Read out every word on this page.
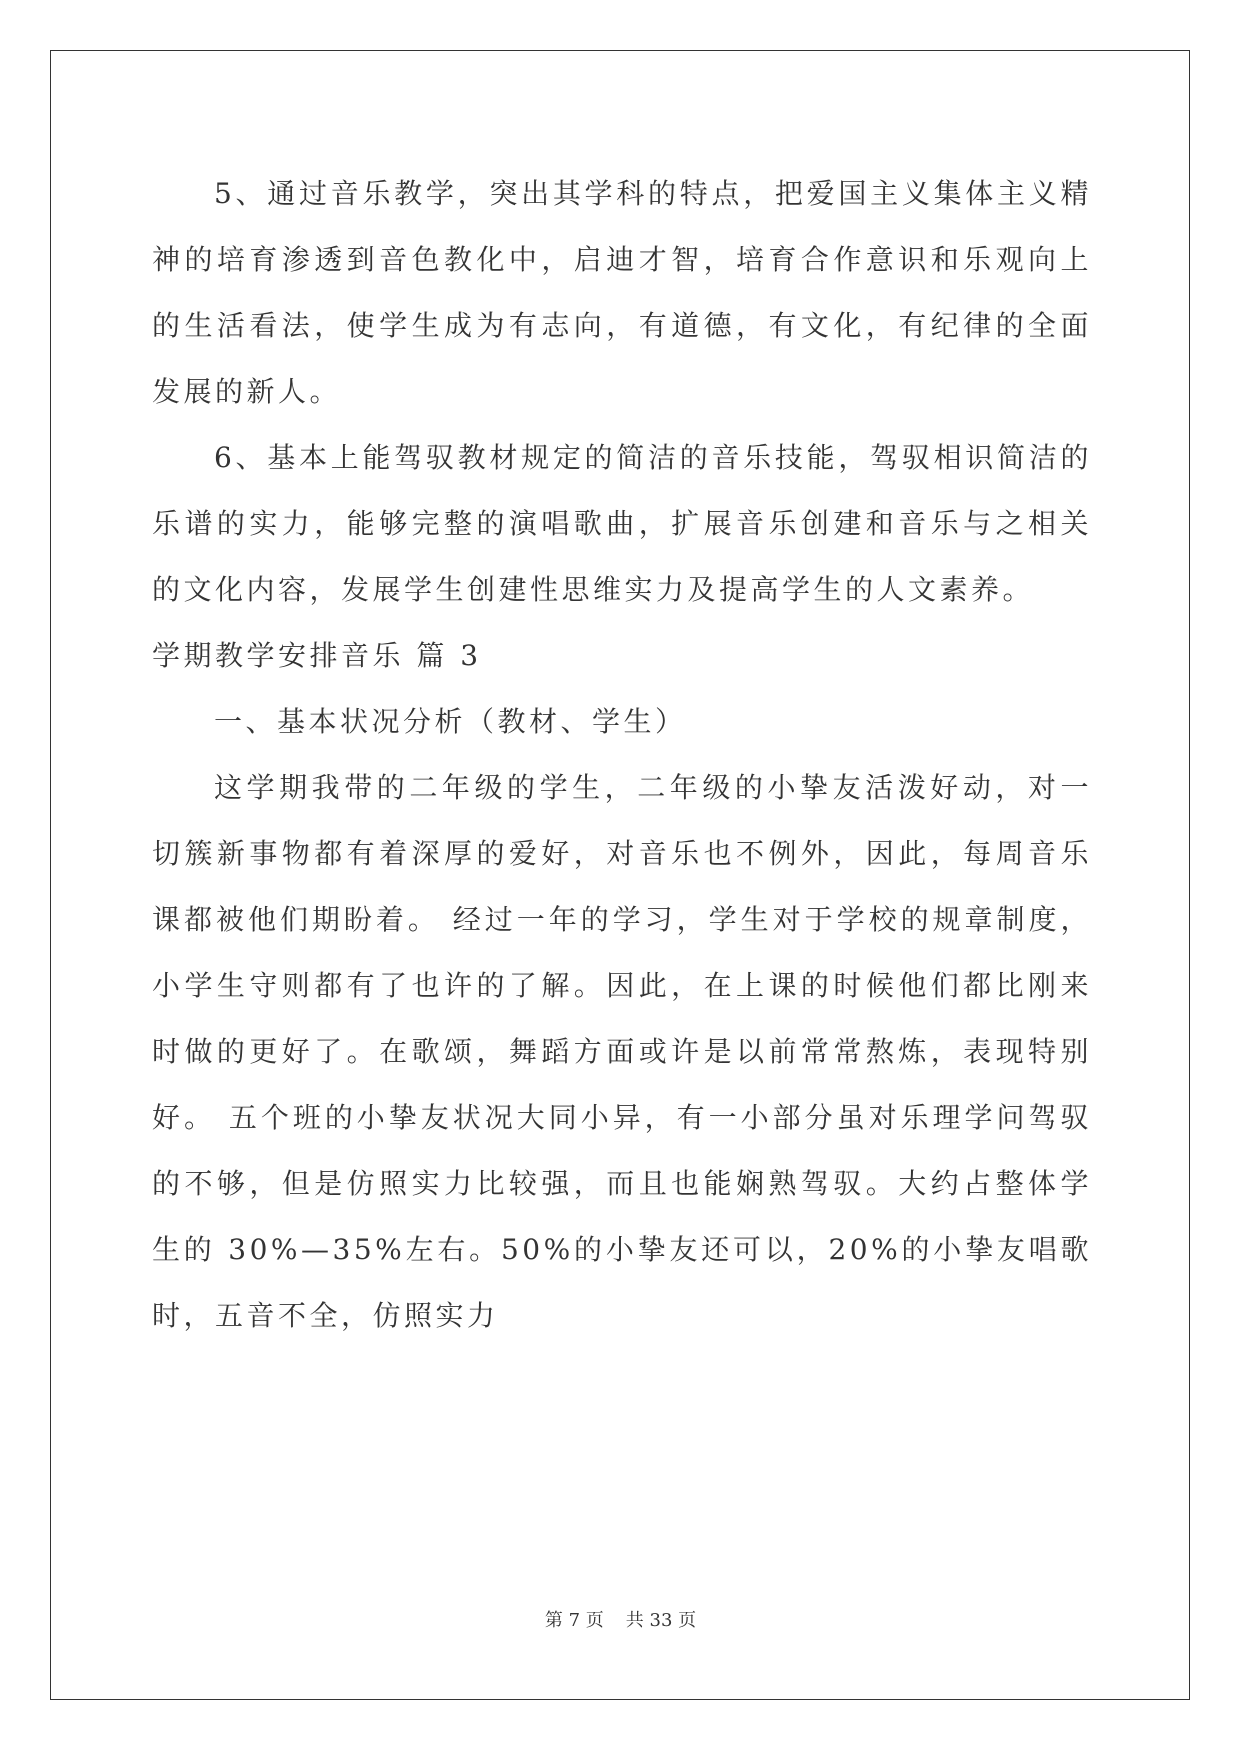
5、通过音乐教学，突出其学科的特点，把爱国主义集体主义精神的培育渗透到音色教化中，启迪才智，培育合作意识和乐观向上的生活看法，使学生成为有志向，有道德，有文化，有纪律的全面发展的新人。

6、基本上能驾驭教材规定的简洁的音乐技能，驾驭相识简洁的乐谱的实力，能够完整的演唱歌曲，扩展音乐创建和音乐与之相关的文化内容，发展学生创建性思维实力及提高学生的人文素养。

学期教学安排音乐 篇 3

一、基本状况分析（教材、学生）

这学期我带的二年级的学生，二年级的小挚友活泼好动，对一切簇新事物都有着深厚的爱好，对音乐也不例外，因此，每周音乐课都被他们期盼着。 经过一年的学习，学生对于学校的规章制度，小学生守则都有了也许的了解。因此，在上课的时候他们都比刚来时做的更好了。在歌颂，舞蹈方面或许是以前常常熬炼，表现特别好。 五个班的小挚友状况大同小异，有一小部分虽对乐理学问驾驭的不够，但是仿照实力比较强，而且也能娴熟驾驭。大约占整体学生的 30%—35%左右。50%的小挚友还可以，20%的小挚友唱歌时，五音不全，仿照实力

第 7 页 共 33 页
